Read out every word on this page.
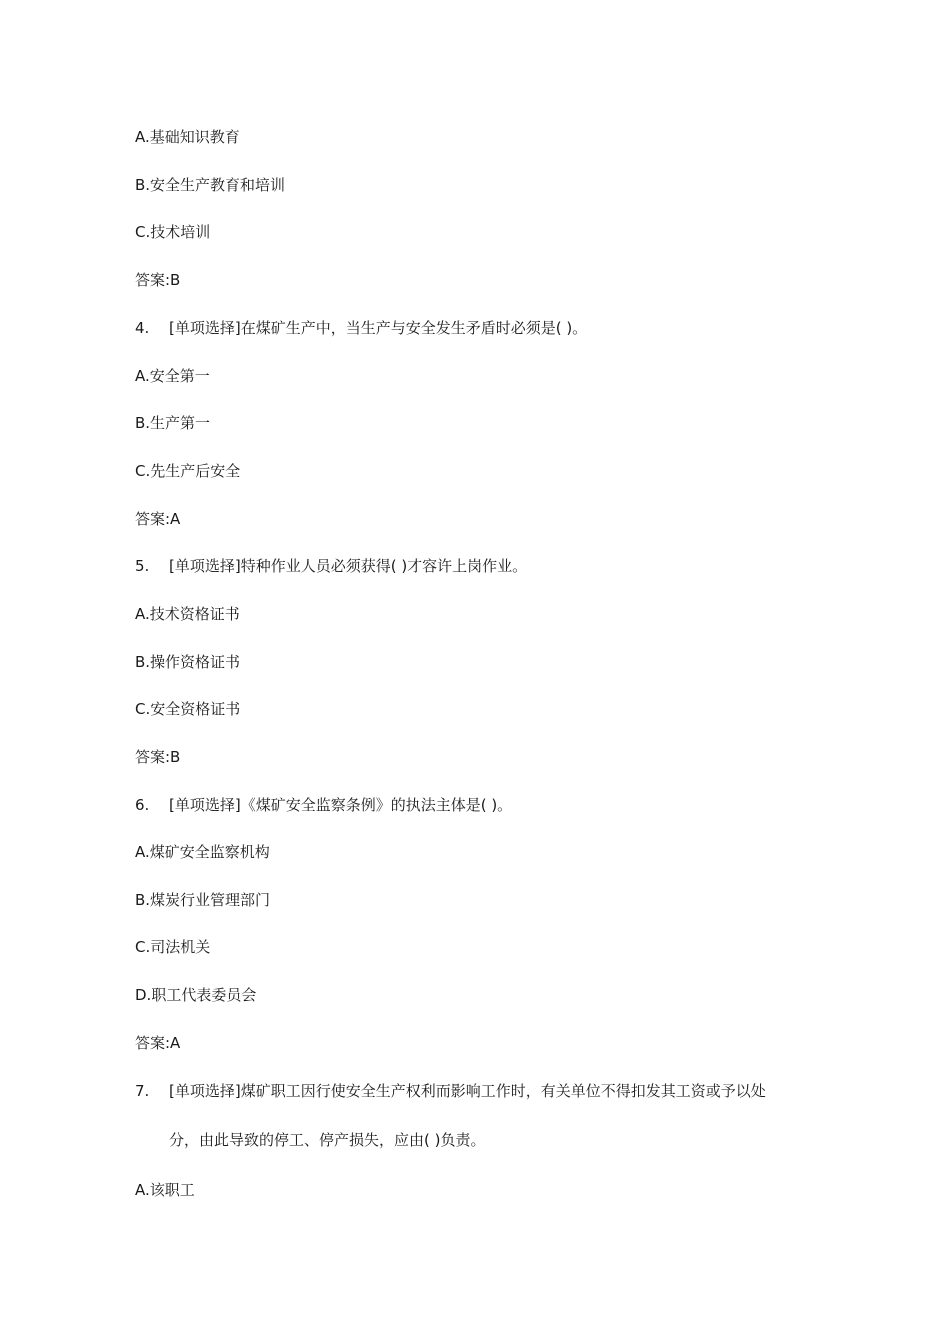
A.基础知识教育
B.安全生产教育和培训
C.技术培训
答案:B
4. [单项选择]在煤矿生产中，当生产与安全发生矛盾时必须是( )。
A.安全第一
B.生产第一
C.先生产后安全
答案:A
5. [单项选择]特种作业人员必须获得( )才容许上岗作业。
A.技术资格证书
B.操作资格证书
C.安全资格证书
答案:B
6. [单项选择]《煤矿安全监察条例》的执法主体是( )。
A.煤矿安全监察机构
B.煤炭行业管理部门
C.司法机关
D.职工代表委员会
答案:A
7. [单项选择]煤矿职工因行使安全生产权利而影响工作时，有关单位不得扣发其工资或予以处
分，由此导致的停工、停产损失，应由( )负责。
A.该职工
